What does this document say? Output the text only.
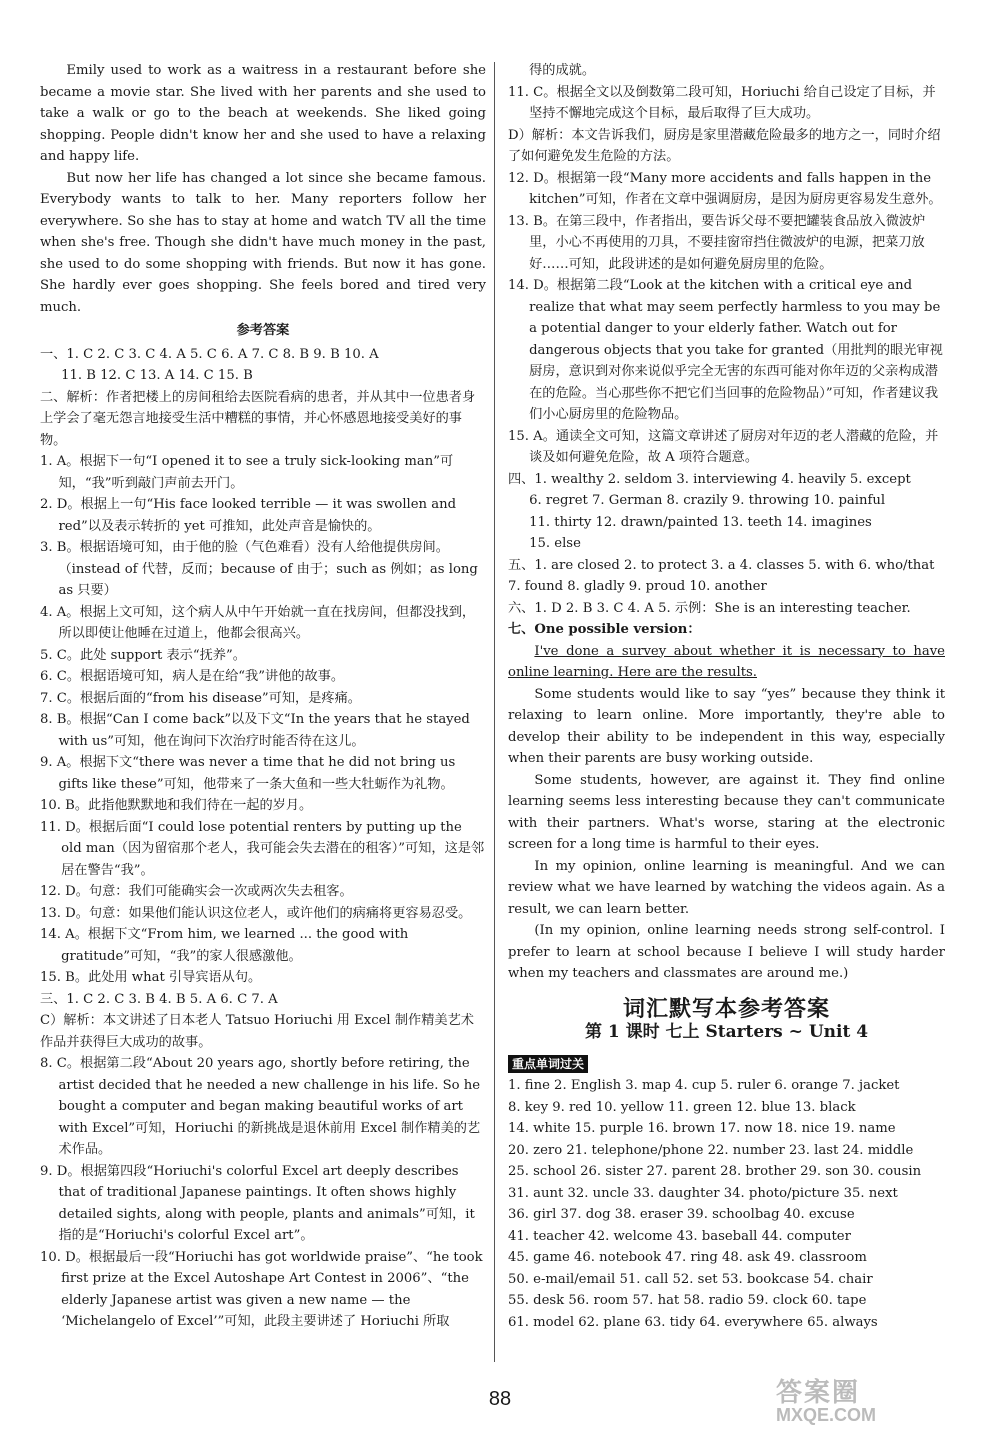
Emily used to work as a waitress in a restaurant before she became a movie star. She lived with her parents and she used to take a walk or go to the beach at weekends. She liked going shopping. People didn't know her and she used to have a relaxing and happy life.

But now her life has changed a lot since she became famous. Everybody wants to talk to her. Many reporters follow her everywhere. So she has to stay at home and watch TV all the time when she's free. Though she didn't have much money in the past, she used to do some shopping with friends. But now it has gone. She hardly ever goes shopping. She feels bored and tired very much.

参考答案

一、1. C 2. C 3. C 4. A 5. C 6. A 7. C 8. B 9. B 10. A

11. B 12. C 13. A 14. C 15. B

二、解析：作者把楼上的房间租给去医院看病的患者，并从其中一位患者身上学会了毫无怨言地接受生活中糟糕的事情，并心怀感恩地接受美好的事物。

1. A。根据下一句“I opened it to see a truly sick-looking man”可知，“我”听到敲门声前去开门。

2. D。根据上一句“His face looked terrible — it was swollen and red”以及表示转折的 yet 可推知，此处声音是愉快的。

3. B。根据语境可知，由于他的脸（气色难看）没有人给他提供房间。（instead of 代替，反而；because of 由于；such as 例如；as long as 只要）

4. A。根据上文可知，这个病人从中午开始就一直在找房间，但都没找到，所以即使让他睡在过道上，他都会很高兴。

5. C。此处 support 表示“抚养”。

6. C。根据语境可知，病人是在给“我”讲他的故事。

7. C。根据后面的“from his disease”可知，是疼痛。

8. B。根据“Can I come back”以及下文“In the years that he stayed with us”可知，他在询问下次治疗时能否待在这儿。

9. A。根据下文“there was never a time that he did not bring us gifts like these”可知，他带来了一条大鱼和一些大牡蛎作为礼物。

10. B。此指他默默地和我们待在一起的岁月。

11. D。根据后面“I could lose potential renters by putting up the old man（因为留宿那个老人，我可能会失去潜在的租客）”可知，这是邻居在警告“我”。

12. D。句意：我们可能确实会一次或两次失去租客。

13. D。句意：如果他们能认识这位老人，或许他们的病痛将更容易忍受。

14. A。根据下文“From him, we learned ... the good with gratitude”可知，“我”的家人很感激他。

15. B。此处用 what 引导宾语从句。

三、1. C 2. C 3. B 4. B 5. A 6. C 7. A

C）解析：本文讲述了日本老人 Tatsuo Horiuchi 用 Excel 制作精美艺术作品并获得巨大成功的故事。

8. C。根据第二段“About 20 years ago, shortly before retiring, the artist decided that he needed a new challenge in his life. So he bought a computer and began making beautiful works of art with Excel”可知，Horiuchi 的新挑战是退休前用 Excel 制作精美的艺术作品。

9. D。根据第四段“Horiuchi's colorful Excel art deeply describes that of traditional Japanese paintings. It often shows highly detailed sights, along with people, plants and animals”可知，it 指的是“Horiuchi's colorful Excel art”。

10. D。根据最后一段“Horiuchi has got worldwide praise”、“he took first prize at the Excel Autoshape Art Contest in 2006”、“the elderly Japanese artist was given a new name — the ‘Michelangelo of Excel’”可知，此段主要讲述了 Horiuchi 所取

得的成就。

11. C。根据全文以及倒数第二段可知，Horiuchi 给自己设定了目标，并坚持不懈地完成这个目标，最后取得了巨大成功。

D）解析：本文告诉我们，厨房是家里潜藏危险最多的地方之一，同时介绍了如何避免发生危险的方法。

12. D。根据第一段“Many more accidents and falls happen in the kitchen”可知，作者在文章中强调厨房，是因为厨房更容易发生意外。

13. B。在第三段中，作者指出，要告诉父母不要把罐装食品放入微波炉里，小心不再使用的刀具，不要挂窗帘挡住微波炉的电源，把菜刀放好……可知，此段讲述的是如何避免厨房里的危险。

14. D。根据第二段“Look at the kitchen with a critical eye and realize that what may seem perfectly harmless to you may be a potential danger to your elderly father. Watch out for dangerous objects that you take for granted（用批判的眼光审视厨房，意识到对你来说似乎完全无害的东西可能对你年迈的父亲构成潜在的危险。当心那些你不把它们当回事的危险物品）”可知，作者建议我们小心厨房里的危险物品。

15. A。通读全文可知，这篇文章讲述了厨房对年迈的老人潜藏的危险，并谈及如何避免危险，故 A 项符合题意。

四、1. wealthy 2. seldom 3. interviewing 4. heavily 5. except

6. regret 7. German 8. crazily 9. throwing 10. painful

11. thirty 12. drawn/painted 13. teeth 14. imagines

15. else

五、1. are closed 2. to protect 3. a 4. classes 5. with 6. who/that 7. found 8. gladly 9. proud 10. another

六、1. D 2. B 3. C 4. A 5. 示例：She is an interesting teacher.

七、One possible version：

I've done a survey about whether it is necessary to have online learning. Here are the results.

Some students would like to say “yes” because they think it relaxing to learn online. More importantly, they're able to develop their ability to be independent in this way, especially when their parents are busy working outside.

Some students, however, are against it. They find online learning seems less interesting because they can't communicate with their partners. What's worse, staring at the electronic screen for a long time is harmful to their eyes.

In my opinion, online learning is meaningful. And we can review what we have learned by watching the videos again. As a result, we can learn better.

(In my opinion, online learning needs strong self-control. I prefer to learn at school because I believe I will study harder when my teachers and classmates are around me.)

词汇默写本参考答案

第 1 课时 七上 Starters ~ Unit 4

重点单词过关

1. fine 2. English 3. map 4. cup 5. ruler 6. orange 7. jacket

8. key 9. red 10. yellow 11. green 12. blue 13. black

14. white 15. purple 16. brown 17. now 18. nice 19. name

20. zero 21. telephone/phone 22. number 23. last 24. middle

25. school 26. sister 27. parent 28. brother 29. son 30. cousin

31. aunt 32. uncle 33. daughter 34. photo/picture 35. next

36. girl 37. dog 38. eraser 39. schoolbag 40. excuse

41. teacher 42. welcome 43. baseball 44. computer

45. game 46. notebook 47. ring 48. ask 49. classroom

50. e-mail/email 51. call 52. set 53. bookcase 54. chair

55. desk 56. room 57. hat 58. radio 59. clock 60. tape

61. model 62. plane 63. tidy 64. everywhere 65. always

88	答案圈
MXQE.COM
